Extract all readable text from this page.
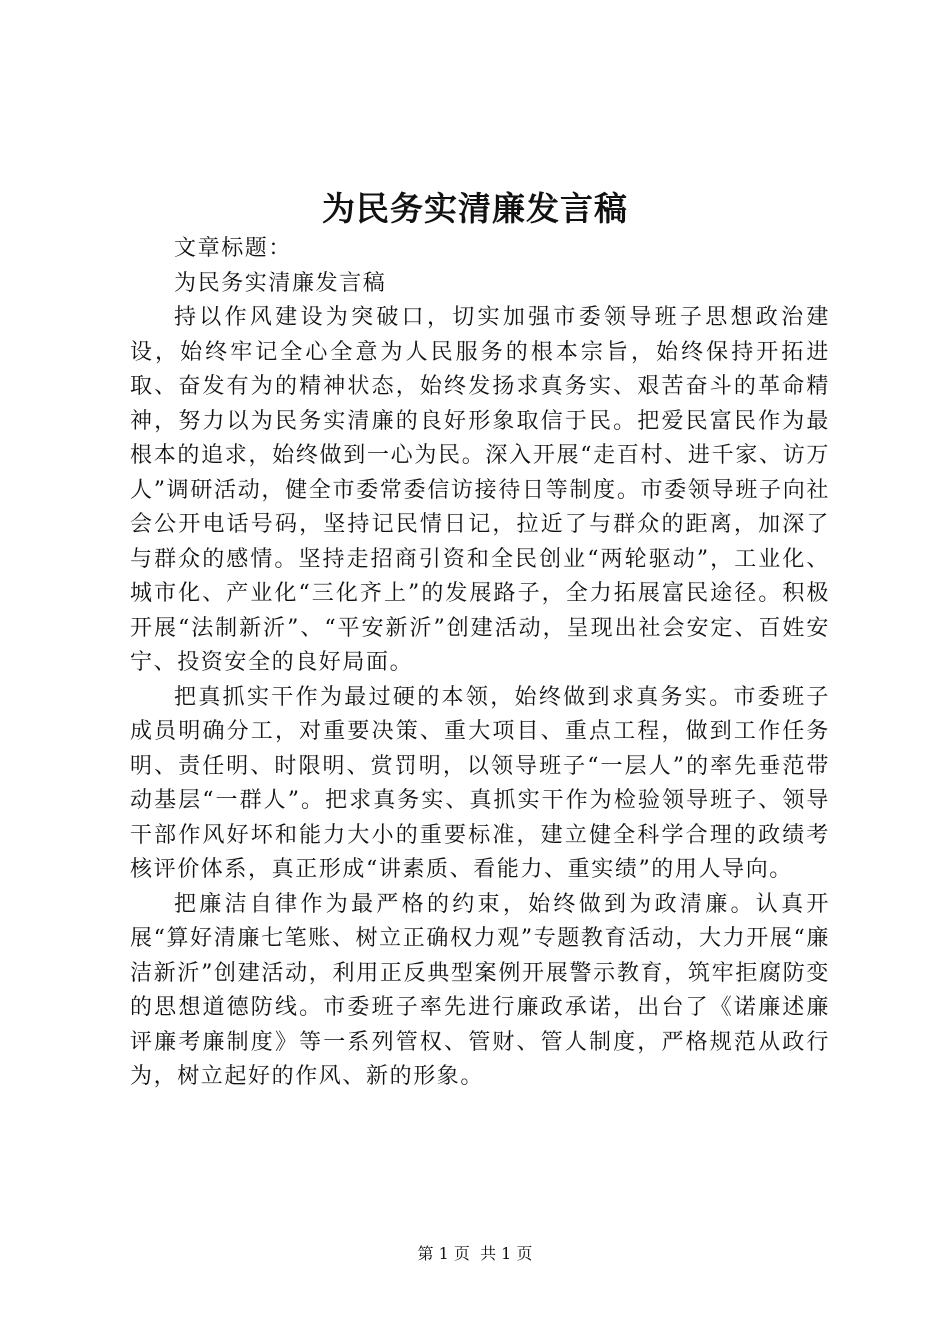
为民务实清廉发言稿

文章标题：

为民务实清廉发言稿

持以作风建设为突破口，切实加强市委领导班子思想政治建设，始终牢记全心全意为人民服务的根本宗旨，始终保持开拓进取、奋发有为的精神状态，始终发扬求真务实、艰苦奋斗的革命精神，努力以为民务实清廉的良好形象取信于民。把爱民富民作为最根本的追求，始终做到一心为民。深入开展“走百村、进千家、访万人”调研活动，健全市委常委信访接待日等制度。市委领导班子向社会公开电话号码，坚持记民情日记，拉近了与群众的距离，加深了与群众的感情。坚持走招商引资和全民创业“两轮驱动”，工业化、城市化、产业化“三化齐上”的发展路子，全力拓展富民途径。积极开展“法制新沂”、“平安新沂”创建活动，呈现出社会安定、百姓安宁、投资安全的良好局面。

把真抓实干作为最过硬的本领，始终做到求真务实。市委班子成员明确分工，对重要决策、重大项目、重点工程，做到工作任务明、责任明、时限明、赏罚明，以领导班子“一层人”的率先垂范带动基层“一群人”。把求真务实、真抓实干作为检验领导班子、领导干部作风好坏和能力大小的重要标准，建立健全科学合理的政绩考核评价体系，真正形成“讲素质、看能力、重实绩”的用人导向。

把廉洁自律作为最严格的约束，始终做到为政清廉。认真开展“算好清廉七笔账、树立正确权力观”专题教育活动，大力开展“廉洁新沂”创建活动，利用正反典型案例开展警示教育，筑牢拒腐防变的思想道德防线。市委班子率先进行廉政承诺，出台了《诺廉述廉评廉考廉制度》等一系列管权、管财、管人制度，严格规范从政行为，树立起好的作风、新的形象。

第 1 页 共 1 页
